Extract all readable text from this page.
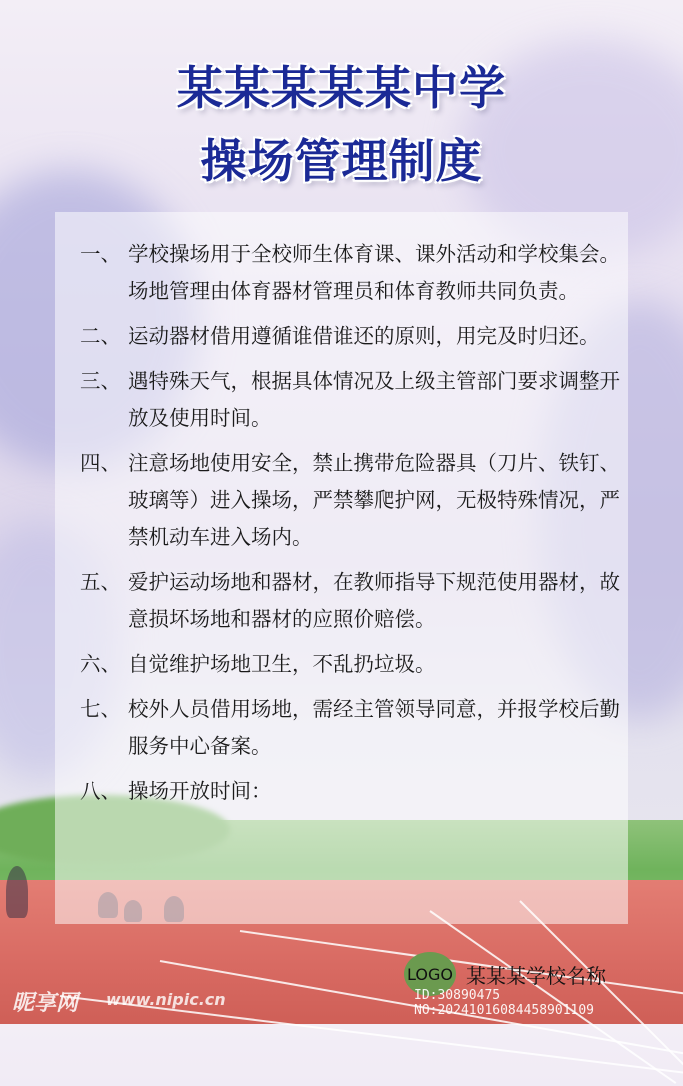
某某某某某中学
操场管理制度
一、 学校操场用于全校师生体育课、课外活动和学校集会。场地管理由体育器材管理员和体育教师共同负责。
二、 运动器材借用遵循谁借谁还的原则，用完及时归还。
三、 遇特殊天气，根据具体情况及上级主管部门要求调整开放及使用时间。
四、 注意场地使用安全，禁止携带危险器具（刀片、铁钉、玻璃等）进入操场，严禁攀爬护网，无极特殊情况，严禁机动车进入场内。
五、 爱护运动场地和器材，在教师指导下规范使用器材，故意损坏场地和器材的应照价赔偿。
六、 自觉维护场地卫生，不乱扔垃圾。
七、 校外人员借用场地，需经主管领导同意，并报学校后勤服务中心备案。
八、 操场开放时间：
LOGO 某某某学校名称
昵享网 www.nipic.cn	ID:30890475 NO:20241016084458901109
